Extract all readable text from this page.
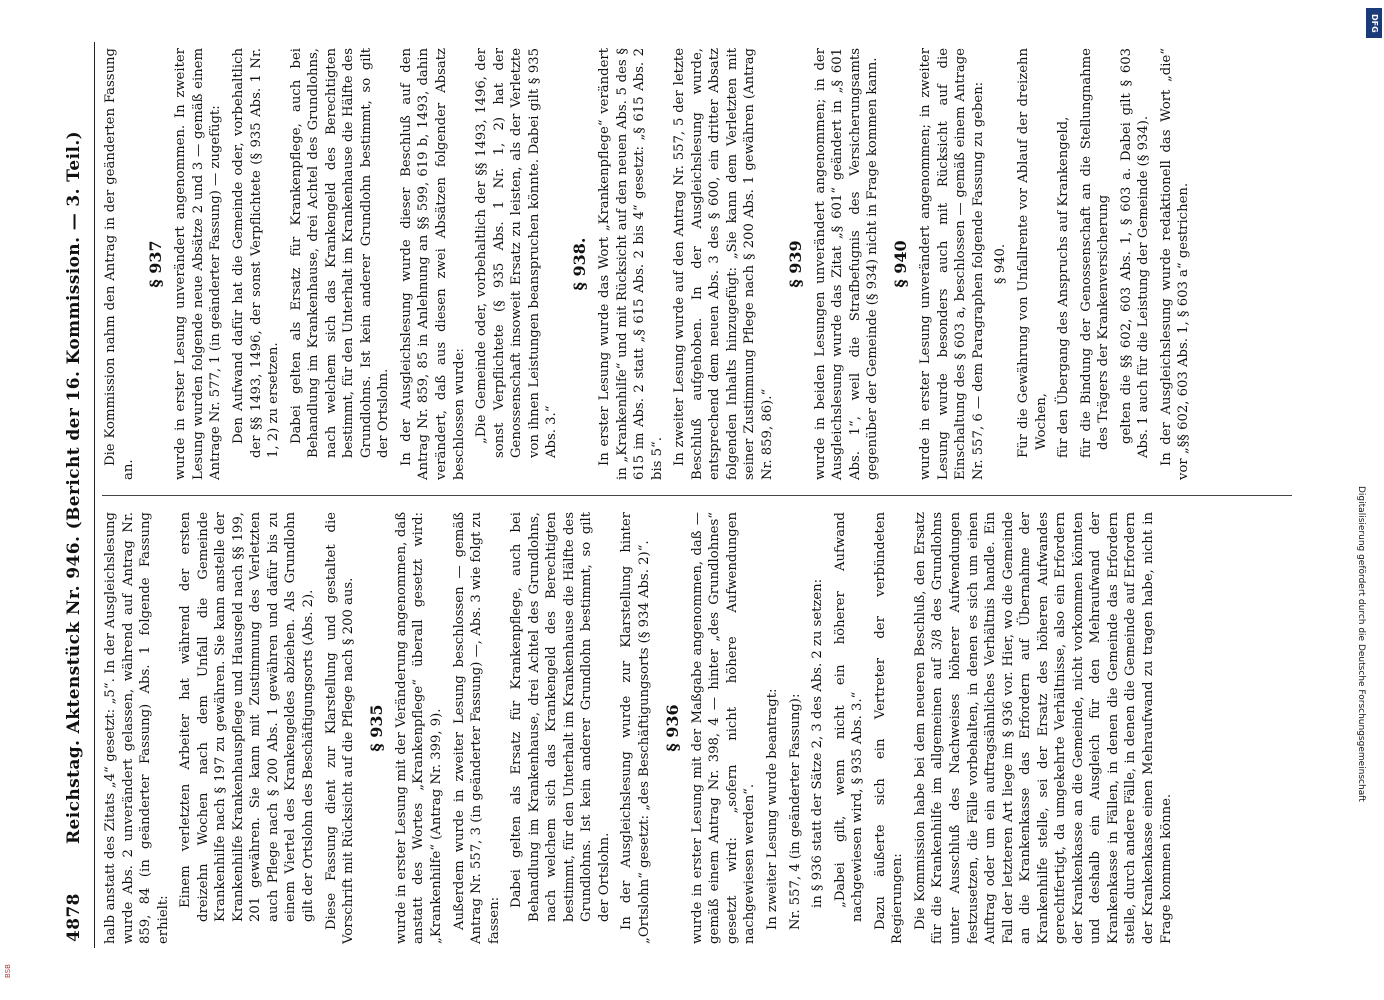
4878
Reichstag. Aktenstück Nr. 946. (Bericht der 16. Kommission. — 3. Teil.) halb anstatt des Zitats „4“ gesetzt: „5“. In der Ausgleichslesung wurde Abs. 2 unverändert gelassen, während auf Antrag Nr. 859, 84 (in geänderter Fassung) Abs. 1 folgende Fassung erhielt:

Einem verletzten Arbeiter hat während der ersten dreizehn Wochen nach dem Unfall die Gemeinde Krankenhilfe nach § 197 zu gewähren. Sie kann anstelle der Krankenhilfe Krankenhauspflege und Hausgeld nach §§ 199, 201 gewähren. Sie kann mit Zustimmung des Verletzten auch Pflege nach § 200 Abs. 1 gewähren und dafür bis zu einem Viertel des Krankengeldes abziehen. Als Grundlohn gilt der Ortslohn des Beschäftigungsorts (Abs. 2). Diese Fassung dient zur Klarstellung und gestaltet die Vorschrift mit Rücksicht auf die Pflege nach § 200 aus. § 935 wurde in erster Lesung mit der Veränderung angenommen, daß anstatt des Wortes „Krankenpflege“ überall gesetzt wird: „Krankenhilfe“ (Antrag Nr. 399, 9). Außerdem wurde in zweiter Lesung beschlossen — gemäß Antrag Nr. 557, 3 (in geänderter Fassung) —, Abs. 3 wie folgt zu fassen:

Dabei gelten als Ersatz für Krankenpflege, auch bei Behandlung im Krankenhause, drei Achtel des Grundlohns, nach welchem sich das Krankengeld des Berechtigten bestimmt, für den Unterhalt im Krankenhause die Hälfte des Grundlohns. Ist kein anderer Grundlohn bestimmt, so gilt der Ortslohn. In der Ausgleichslesung wurde zur Klarstellung hinter „Ortslohn“ gesetzt: „des Beschäftigungsorts (§ 934 Abs. 2)“. § 936 wurde in erster Lesung mit der Maßgabe angenommen, daß — gemäß einem Antrag Nr. 398, 4 — hinter „des Grundlohnes“ gesetzt wird: „sofern nicht höhere Aufwendungen nachgewiesen werden“. In zweiter Lesung wurde beantragt: Nr. 557, 4 (in geänderter Fassung): in § 936 statt der Sätze 2, 3 des Abs. 2 zu setzen: „Dabei gilt, wenn nicht ein höherer Aufwand nachgewiesen wird, § 935 Abs. 3.“ Dazu äußerte sich ein Vertreter der verbündeten Regierungen: Die Kommission habe bei dem neueren Beschluß, den Ersatz für die Krankenhilfe im allgemeinen auf 3/8 des Grundlohns unter Ausschluß des Nachweises höherer Aufwendungen festzusetzen, die Fälle vorbehalten, in denen es sich um einen Auftrag oder um ein auftragsähnliches Verhältnis handle. Ein Fall der letzteren Art liege im § 936 vor. Hier, wo die Gemeinde an die Krankenkasse das Erfordern auf Übernahme der Krankenhilfe stelle, sei der Ersatz des höheren Aufwandes gerechtfertigt, da umgekehrte Verhältnisse, also ein Erfordern der Krankenkasse an die Gemeinde, nicht vorkommen könnten und deshalb ein Ausgleich für den Mehraufwand der Krankenkasse in Fällen, in denen die Gemeinde das Erfordern stelle, durch andere Fälle, in denen die Gemeinde auf Erfordern der Krankenkasse einen Mehraufwand zu tragen habe, nicht in Frage kommen könne.

Die Kommission nahm den Antrag in der geänderten Fassung an.

§ 937 wurde in erster Lesung unverändert angenommen. In zweiter Lesung wurden folgende neue Absätze 2 und 3 — gemäß einem Antrage Nr. 577, 1 (in geänderter Fassung) — zugefügt: Den Aufwand dafür hat die Gemeinde oder, vorbehaltlich der §§ 1493, 1496, der sonst Verpflichtete (§ 935 Abs. 1 Nr. 1, 2) zu ersetzen. Dabei gelten als Ersatz für Krankenpflege, auch bei Behandlung im Krankenhause, drei Achtel des Grundlohns, nach welchem sich das Krankengeld des Berechtigten bestimmt, für den Unterhalt im Krankenhause die Hälfte des Grundlohns. Ist kein anderer Grundlohn bestimmt, so gilt der Ortslohn. In der Ausgleichslesung wurde dieser Beschluß auf den Antrag Nr. 859, 85 in Anlehnung an §§ 599, 619 b, 1493, dahin verändert, daß aus diesen zwei Absätzen folgender Absatz beschlossen wurde: „Die Gemeinde oder, vorbehaltlich der §§ 1493, 1496, der sonst Verpflichtete (§ 935 Abs. 1 Nr. 1, 2) hat der Genossenschaft insoweit Ersatz zu leisten, als der Verletzte von ihnen Leistungen beanspruchen könnte. Dabei gilt § 935 Abs. 3.“

§ 938. In erster Lesung wurde das Wort „Krankenpflege“ verändert in „Krankenhilfe“ und mit Rücksicht auf den neuen Abs. 5 des § 615 im Abs. 2 statt „§ 615 Abs. 2 bis 4“ gesetzt: „§ 615 Abs. 2 bis 5“. In zweiter Lesung wurde auf den Antrag Nr. 557, 5 der letzte Beschluß aufgehoben. In der Ausgleichslesung wurde, entsprechend dem neuen Abs. 3 des § 600, ein dritter Absatz folgenden Inhalts hinzugefügt: „Sie kann dem Verletzten mit seiner Zustimmung Pflege nach § 200 Abs. 1 gewähren (Antrag Nr. 859, 86).“

§ 939 wurde in beiden Lesungen unverändert angenommen; in der Ausgleichslesung wurde das Zitat „§ 601“ geändert in „§ 601 Abs. 1“, weil die Strafbefugnis des Versicherungsamts gegenüber der Gemeinde (§ 934) nicht in Frage kommen kann. § 940 wurde in erster Lesung unverändert angenommen; in zweiter Lesung wurde besonders auch mit Rücksicht auf die Einschaltung des § 603 a, beschlossen — gemäß einem Antrage Nr. 557, 6 — dem Paragraphen folgende Fassung zu geben: § 940. Für die Gewährung von Unfallrente vor Ablauf der dreizehn Wochen, für den Übergang des Anspruchs auf Krankengeld, für die Bindung der Genossenschaft an die Stellungnahme des Trägers der Krankenversicherung gelten die §§ 602, 603 Abs. 1, § 603 a. Dabei gilt § 603 Abs. 1 auch für die Leistung der Gemeinde (§ 934). In der Ausgleichslesung wurde redaktionell das Wort „die“ vor „§§ 602, 603 Abs. 1, § 603 a“ gestrichen.

DFG
Digitalisierung gefördert durch die Deutsche Forschungsgemeinschaft
BSB
